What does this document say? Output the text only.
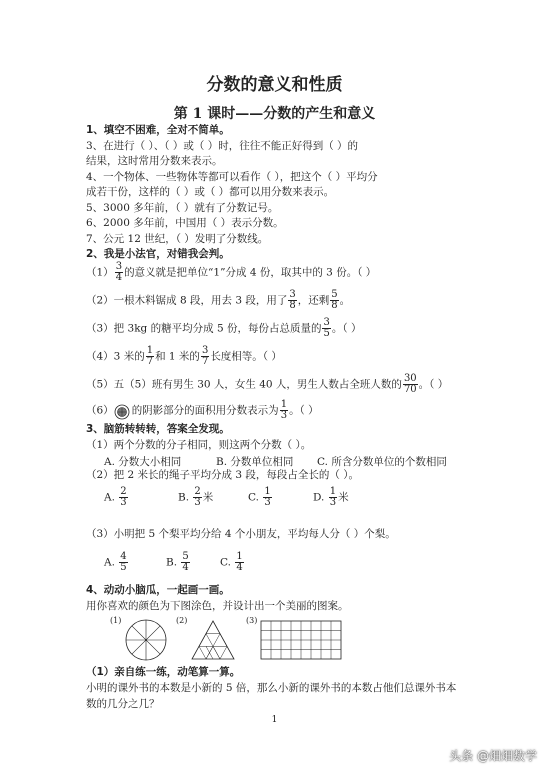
分数的意义和性质
第 1 课时——分数的产生和意义
1、填空不困难，全对不简单。
3、在进行（ ）、（ ）或（ ）时，往往不能正好得到（ ）的
结果，这时常用分数来表示。
4、一个物体、一些物体等都可以看作（ ），把这个（ ）平均分
成若干份，这样的（ ）或（ ）都可以用分数来表示。
5、3000 多年前，（ ）就有了分数记号。
6、2000 多年前，中国用（ ）表示分数。
7、公元 12 世纪，（ ）发明了分数线。
2、我是小法官，对错我会判。
$(1) \frac{3}{4}$ 的意义就是把单位“1”分成 4 份，取其中的 3 份。（ ）
（2）一根木料锯成 8 段，用去 3 段，用了 $\frac{3}{8}$ ，还剩 $\frac{5}{8}$ 。
（3）把 3kg 的糖平均分成 5 份，每份占总质量的 $\frac{3}{5}$ 。（ ）
（4）3 米的 $\frac{1}{7}$ 和 1 米的 $\frac{3}{7}$ 长度相等。（ ）
（5）五（5）班有男生 30 人，女生 40 人，男生人数占全班人数的 $\frac{30}{70}$ 。（ ）
（6） 的阴影部分的面积用分数表示为 $\frac{1}{3}$ 。（ ）
3、脑筋转转转，答案全发现。
（1）两个分数的分子相同，则这两个分数（ ）。
A. 分数大小相同	B. 分数单位相同 C. 所含分数单位的个数相同
（2）把 2 米长的绳子平均分成 3 段，每段占全长的（ ）。
A. $\frac{2}{3}$	B. $\frac{2}{3}$ 米	C. $\frac{1}{3}$	D. $\frac{1}{3}$ 米
（3）小明把 5 个梨平均分给 4 个小朋友，平均每人分（ ）个梨。
A. $\frac{4}{5}$	B. $\frac{5}{4}$	C. $\frac{1}{4}$
4、动动小脑瓜，一起画一画。
用你喜欢的颜色为下图涂色，并设计出一个美丽的图案。
(1)	(2)	(3)
（1）亲自练一练，动笔算一算。
小明的课外书的本数是小新的 5 倍，那么小新的课外书的本数占他们总课外书本
数的几分之几？
1
头条 @畑畑数学
